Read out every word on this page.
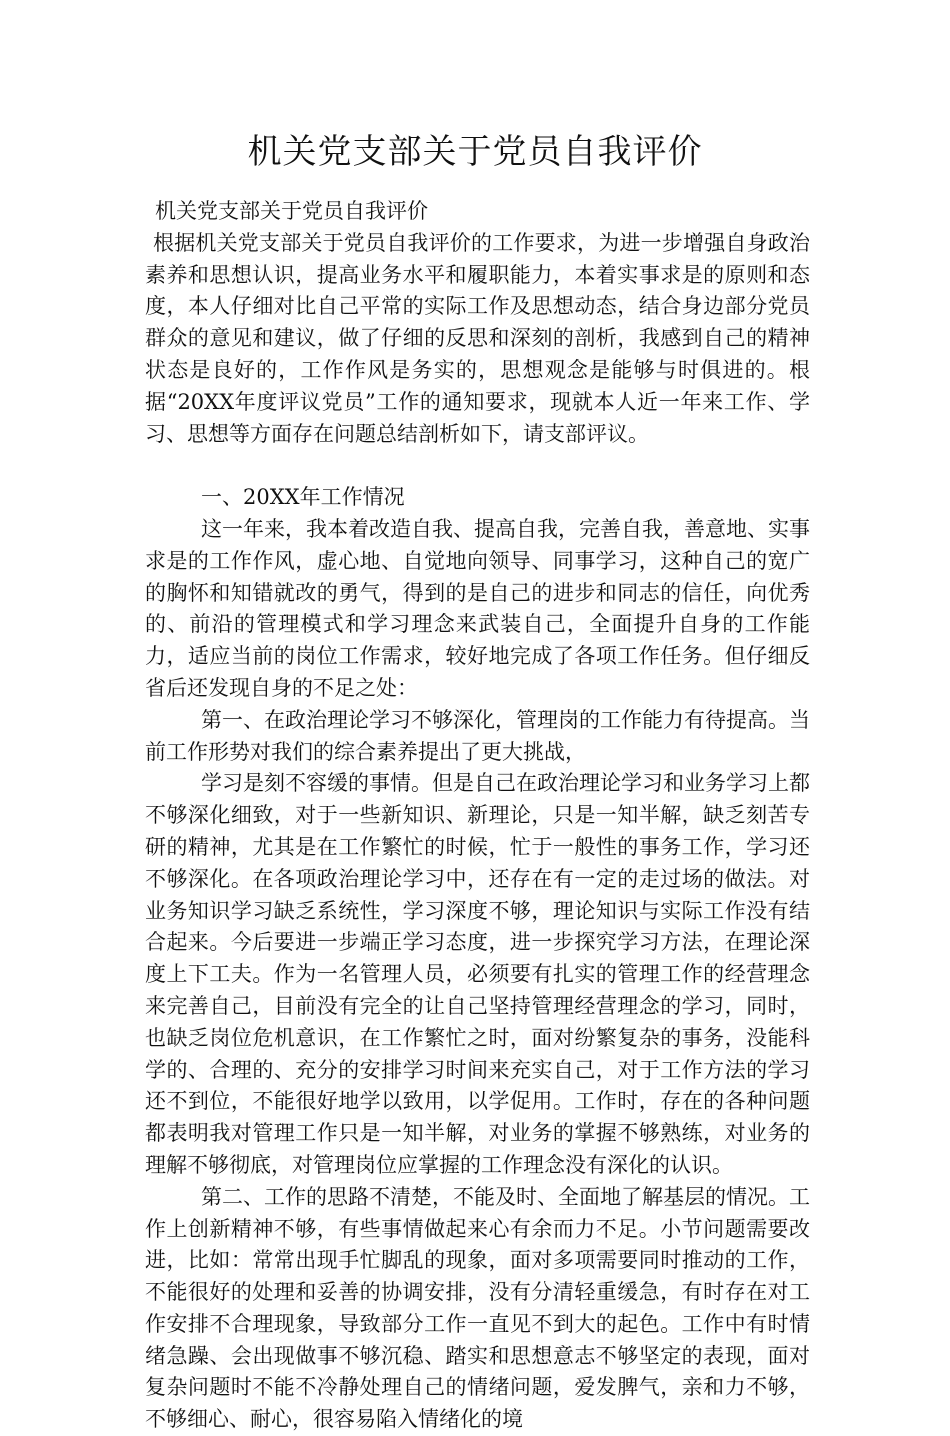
机关党支部关于党员自我评价

机关党支部关于党员自我评价

根据机关党支部关于党员自我评价的工作要求，为进一步增强自身政治素养和思想认识，提高业务水平和履职能力，本着实事求是的原则和态度，本人仔细对比自己平常的实际工作及思想动态，结合身边部分党员群众的意见和建议，做了仔细的反思和深刻的剖析，我感到自己的精神状态是良好的，工作作风是务实的，思想观念是能够与时俱进的。根据“20XX年度评议党员”工作的通知要求，现就本人近一年来工作、学习、思想等方面存在问题总结剖析如下，请支部评议。

一、20XX年工作情况

这一年来，我本着改造自我、提高自我，完善自我，善意地、实事求是的工作作风，虚心地、自觉地向领导、同事学习，这种自己的宽广的胸怀和知错就改的勇气，得到的是自己的进步和同志的信任，向优秀的、前沿的管理模式和学习理念来武装自己，全面提升自身的工作能力，适应当前的岗位工作需求，较好地完成了各项工作任务。但仔细反省后还发现自身的不足之处：

第一、在政治理论学习不够深化，管理岗的工作能力有待提高。当前工作形势对我们的综合素养提出了更大挑战，

学习是刻不容缓的事情。但是自己在政治理论学习和业务学习上都不够深化细致，对于一些新知识、新理论，只是一知半解，缺乏刻苦专研的精神，尤其是在工作繁忙的时候，忙于一般性的事务工作，学习还不够深化。在各项政治理论学习中，还存在有一定的走过场的做法。对业务知识学习缺乏系统性，学习深度不够，理论知识与实际工作没有结合起来。今后要进一步端正学习态度，进一步探究学习方法，在理论深度上下工夫。作为一名管理人员，必须要有扎实的管理工作的经营理念来完善自己，目前没有完全的让自己坚持管理经营理念的学习，同时，也缺乏岗位危机意识，在工作繁忙之时，面对纷繁复杂的事务，没能科学的、合理的、充分的安排学习时间来充实自己，对于工作方法的学习还不到位，不能很好地学以致用，以学促用。工作时，存在的各种问题都表明我对管理工作只是一知半解，对业务的掌握不够熟练，对业务的理解不够彻底，对管理岗位应掌握的工作理念没有深化的认识。

第二、工作的思路不清楚，不能及时、全面地了解基层的情况。工作上创新精神不够，有些事情做起来心有余而力不足。小节问题需要改进，比如：常常出现手忙脚乱的现象，面对多项需要同时推动的工作，不能很好的处理和妥善的协调安排，没有分清轻重缓急，有时存在对工作安排不合理现象，导致部分工作一直见不到大的起色。工作中有时情绪急躁、会出现做事不够沉稳、踏实和思想意志不够坚定的表现，面对复杂问题时不能不冷静处理自己的情绪问题，爱发脾气，亲和力不够，不够细心、耐心，很容易陷入情绪化的境
